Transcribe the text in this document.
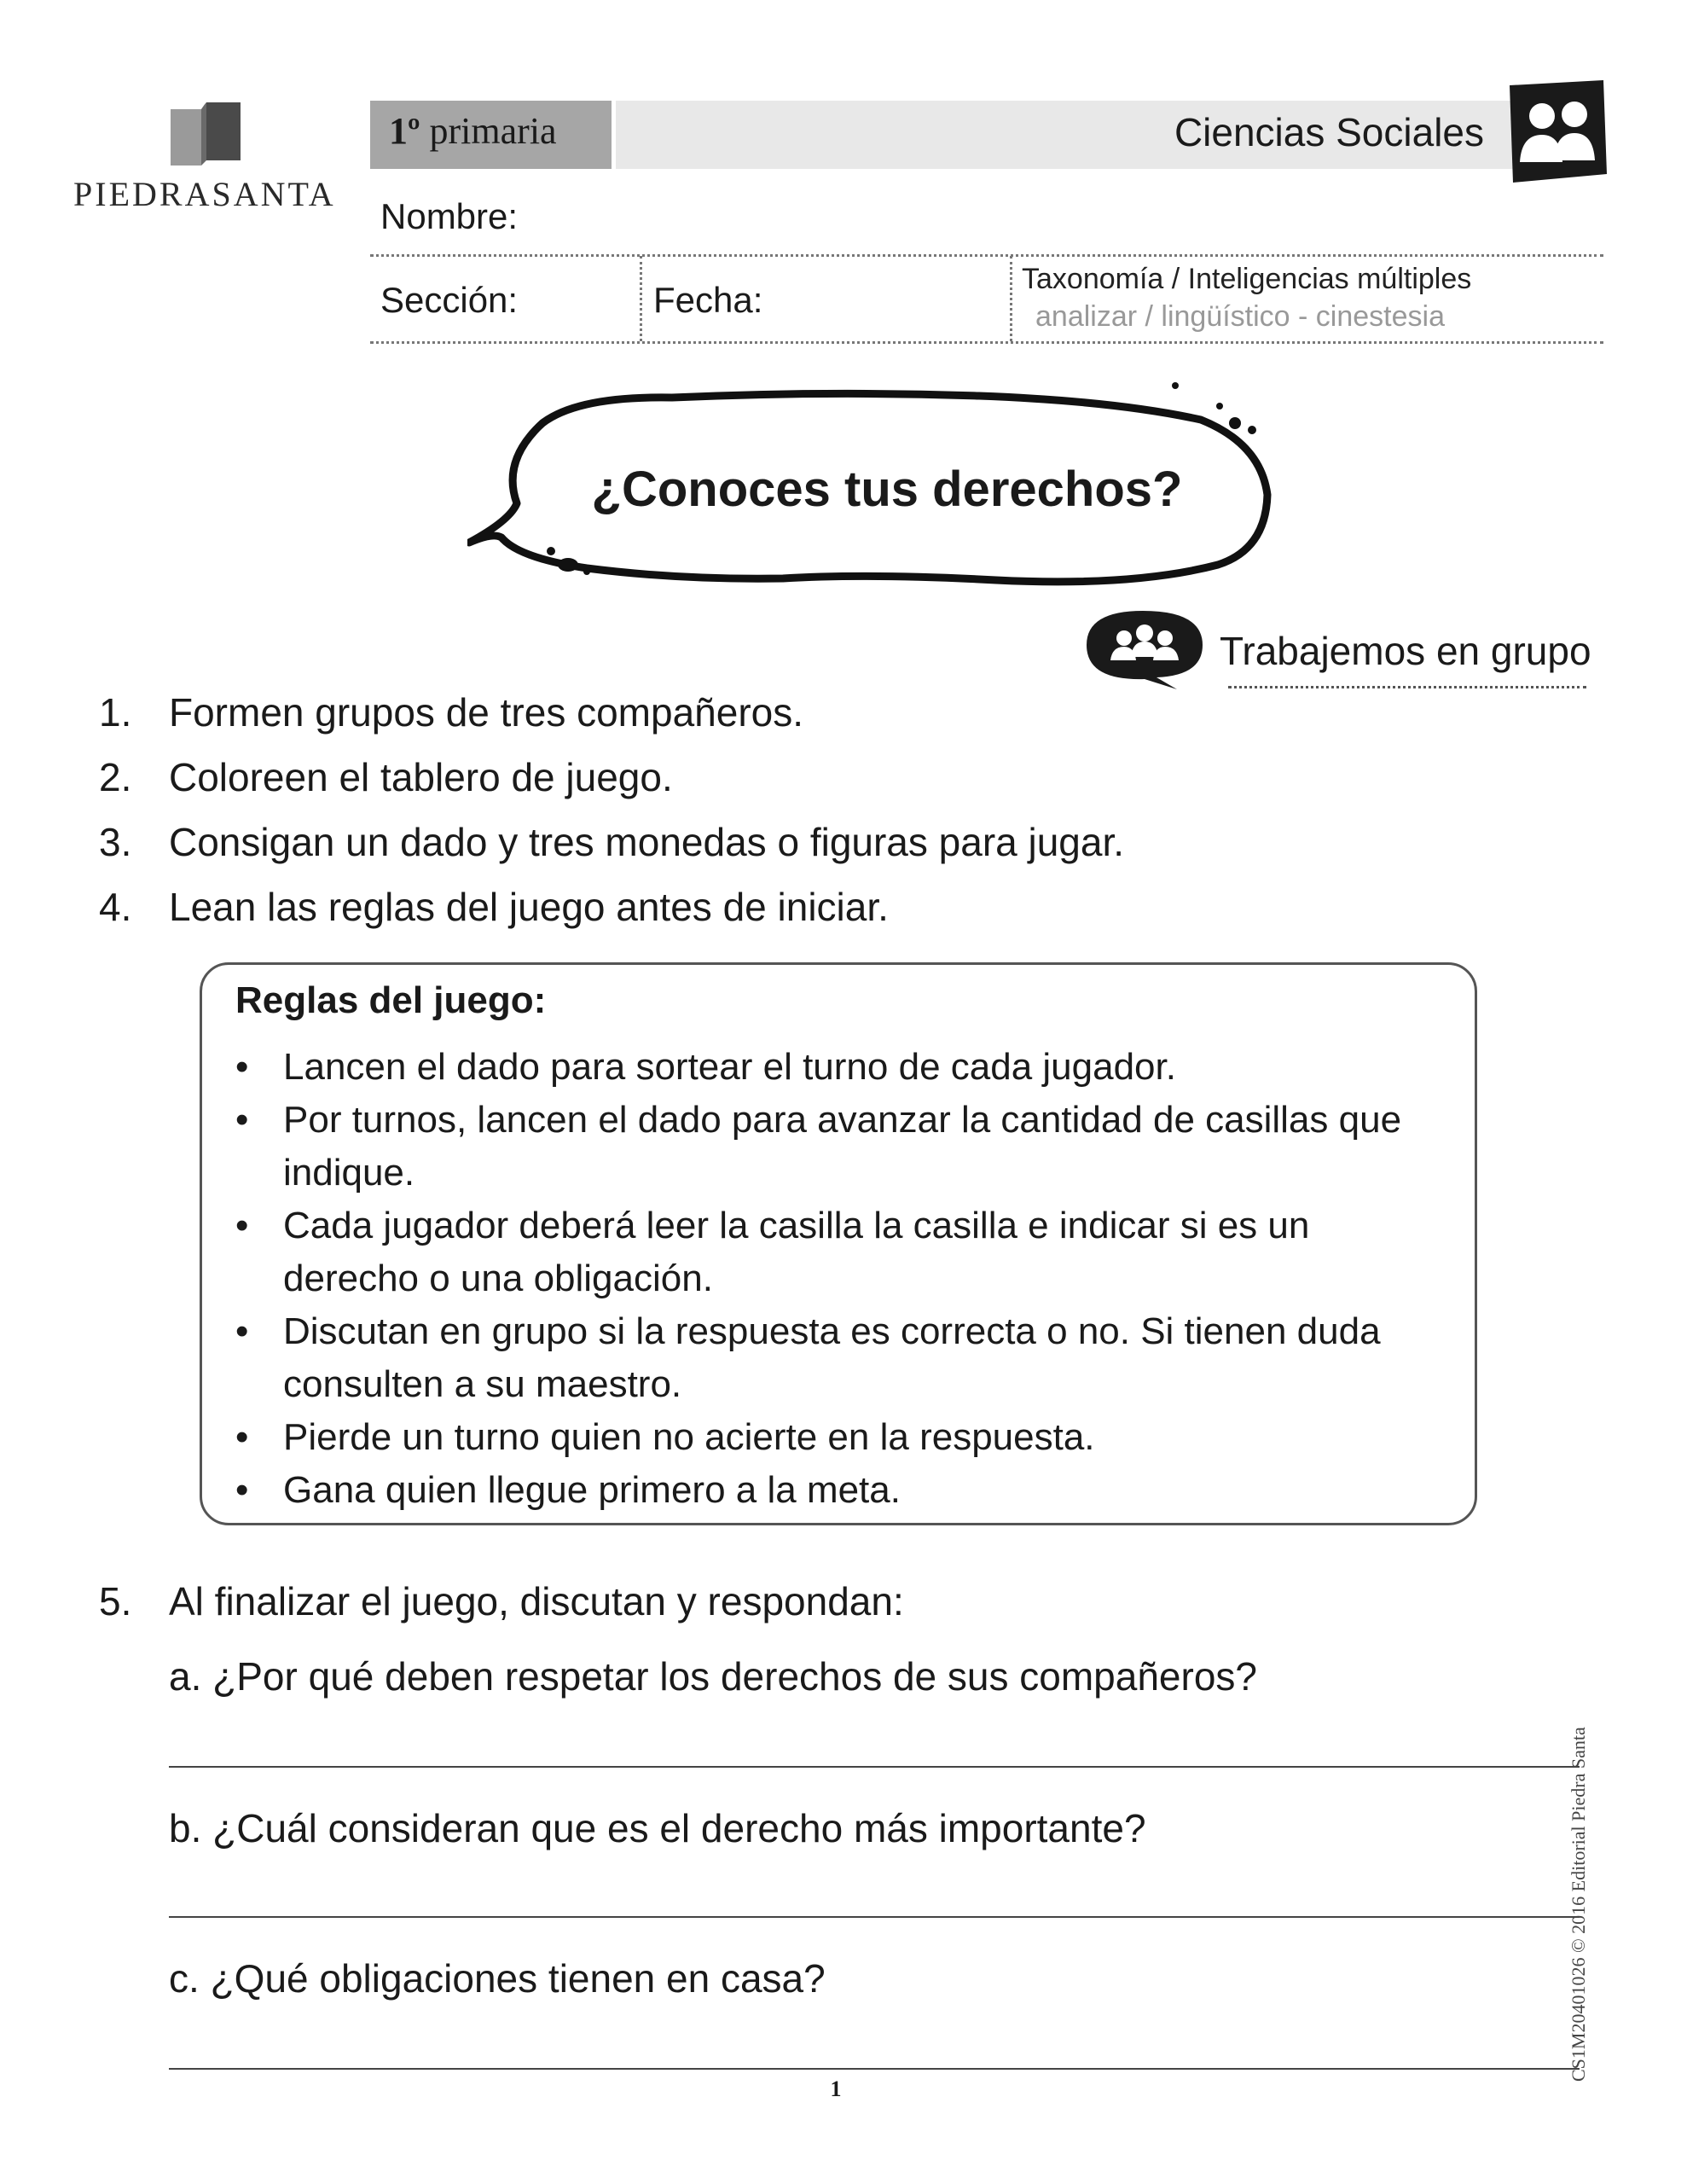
PIEDRASANTA
1º primaria	Ciencias Sociales
Nombre:
Sección:	Fecha:
Taxonomía / Inteligencias múltiples
analizar / lingüístico - cinestesia
¿Conoces tus derechos?
Trabajemos en grupo
1. Formen grupos de tres compañeros.
2. Coloreen el tablero de juego.
3. Consigan un dado y tres monedas o figuras para jugar.
4. Lean las reglas del juego antes de iniciar.
Reglas del juego:
• Lancen el dado para sortear el turno de cada jugador.
• Por turnos, lancen el dado para avanzar la cantidad de casillas que indique.
• Cada jugador deberá leer la casilla la casilla e indicar si es un derecho o una obligación.
• Discutan en grupo si la respuesta es correcta o no. Si tienen duda consulten a su maestro.
• Pierde un turno quien no acierte en la respuesta.
• Gana quien llegue primero a la meta.
5. Al finalizar el juego, discutan y respondan:
a. ¿Por qué deben respetar los derechos de sus compañeros?
b. ¿Cuál consideran que es el derecho más importante?
c. ¿Qué obligaciones tienen en casa?
1
CS1M20401026 © 2016 Editorial Piedra Santa
